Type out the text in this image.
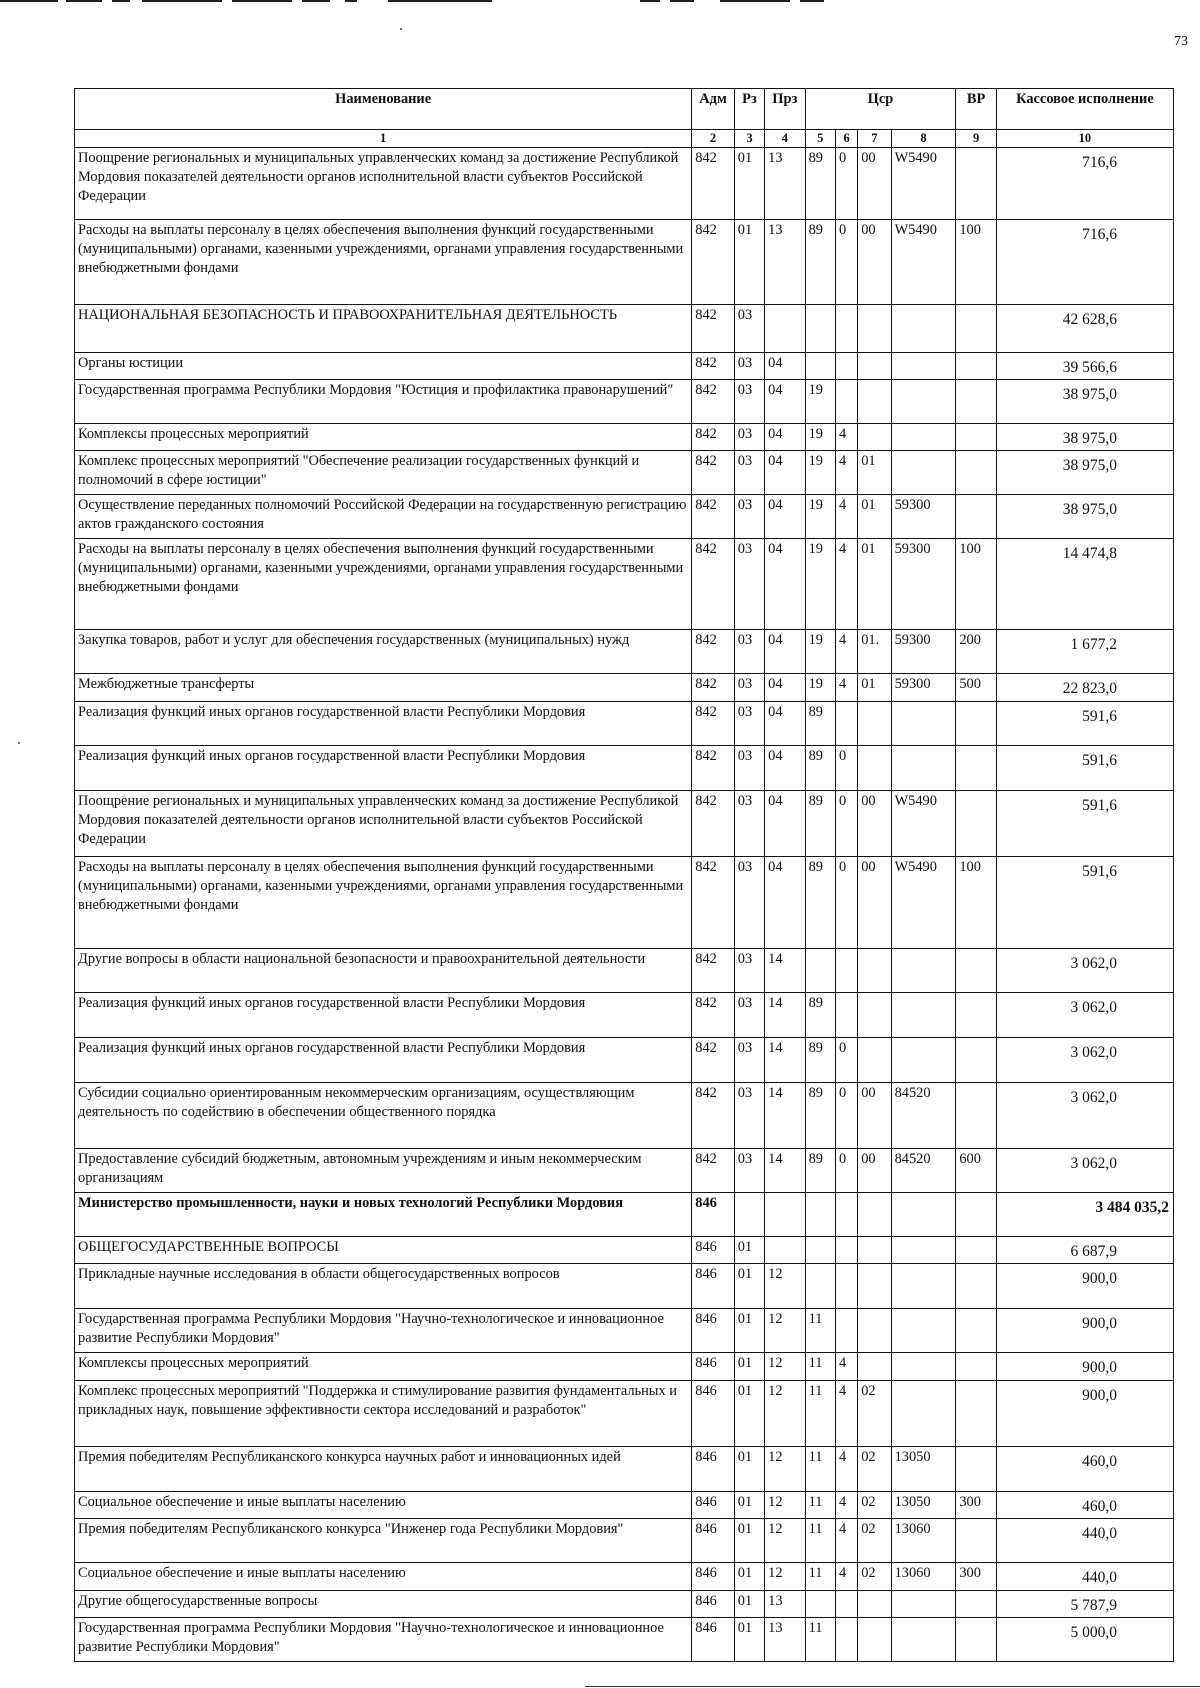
73
Наименование	Адм	Рз	Прз	Цср				ВР	Кассовое исполнение
1	2	3	4	5	6	7	8	9	10
Поощрение региональных и муниципальных управленческих команд за достижение Республикой Мордовия показателей деятельности органов исполнительной власти субъектов Российской Федерации	842	01	13	89	0	00	W5490		716,6
Расходы на выплаты персоналу в целях обеспечения выполнения функций государственными (муниципальными) органами, казенными учреждениями, органами управления государственными внебюджетными фондами	842	01	13	89	0	00	W5490	100	716,6
НАЦИОНАЛЬНАЯ БЕЗОПАСНОСТЬ И ПРАВООХРАНИТЕЛЬНАЯ ДЕЯТЕЛЬНОСТЬ	842	03							42 628,6
Органы юстиции	842	03	04						39 566,6
Государственная программа Республики Мордовия "Юстиция и профилактика правонарушений"	842	03	04	19					38 975,0
Комплексы процессных мероприятий	842	03	04	19	4				38 975,0
Комплекс процессных мероприятий "Обеспечение реализации государственных функций и полномочий в сфере юстиции"	842	03	04	19	4	01			38 975,0
Осуществление переданных полномочий Российской Федерации на государственную регистрацию актов гражданского состояния	842	03	04	19	4	01	59300		38 975,0
Расходы на выплаты персоналу в целях обеспечения выполнения функций государственными (муниципальными) органами, казенными учреждениями, органами управления государственными внебюджетными фондами	842	03	04	19	4	01	59300	100	14 474,8
Закупка товаров, работ и услуг для обеспечения государственных (муниципальных) нужд	842	03	04	19	4	01.	59300	200	1 677,2
Межбюджетные трансферты	842	03	04	19	4	01	59300	500	22 823,0
Реализация функций иных органов государственной власти Республики Мордовия	842	03	04	89					591,6
Реализация функций иных органов государственной власти Республики Мордовия	842	03	04	89	0				591,6
Поощрение региональных и муниципальных управленческих команд за достижение Республикой Мордовия показателей деятельности органов исполнительной власти субъектов Российской Федерации	842	03	04	89	0	00	W5490		591,6
Расходы на выплаты персоналу в целях обеспечения выполнения функций государственными (муниципальными) органами, казенными учреждениями, органами управления государственными внебюджетными фондами	842	03	04	89	0	00	W5490	100	591,6
Другие вопросы в области национальной безопасности и правоохранительной деятельности	842	03	14						3 062,0
Реализация функций иных органов государственной власти Республики Мордовия	842	03	14	89					3 062,0
Реализация функций иных органов государственной власти Республики Мордовия	842	03	14	89	0				3 062,0
Субсидии социально ориентированным некоммерческим организациям, осуществляющим деятельность по содействию в обеспечении общественного порядка	842	03	14	89	0	00	84520		3 062,0
Предоставление субсидий бюджетным, автономным учреждениям и иным некоммерческим организациям	842	03	14	89	0	00	84520	600	3 062,0
Министерство промышленности, науки и новых технологий Республики Мордовия	846								3 484 035,2
ОБЩЕГОСУДАРСТВЕННЫЕ ВОПРОСЫ	846	01							6 687,9
Прикладные научные исследования в области общегосударственных вопросов	846	01	12						900,0
Государственная программа Республики Мордовия "Научно-технологическое и инновационное развитие Республики Мордовия"	846	01	12	11					900,0
Комплексы процессных мероприятий	846	01	12	11	4				900,0
Комплекс процессных мероприятий "Поддержка и стимулирование развития фундаментальных и прикладных наук, повышение эффективности сектора исследований и разработок"	846	01	12	11	4	02			900,0
Премия победителям Республиканского конкурса научных работ и инновационных идей	846	01	12	11	4	02	13050		460,0
Социальное обеспечение и иные выплаты населению	846	01	12	11	4	02	13050	300	460,0
Премия победителям Республиканского конкурса "Инженер года Республики Мордовия"	846	01	12	11	4	02	13060		440,0
Социальное обеспечение и иные выплаты населению	846	01	12	11	4	02	13060	300	440,0
Другие общегосударственные вопросы	846	01	13						5 787,9
Государственная программа Республики Мордовия "Научно-технологическое и инновационное развитие Республики Мордовия"	846	01	13	11					5 000,0
